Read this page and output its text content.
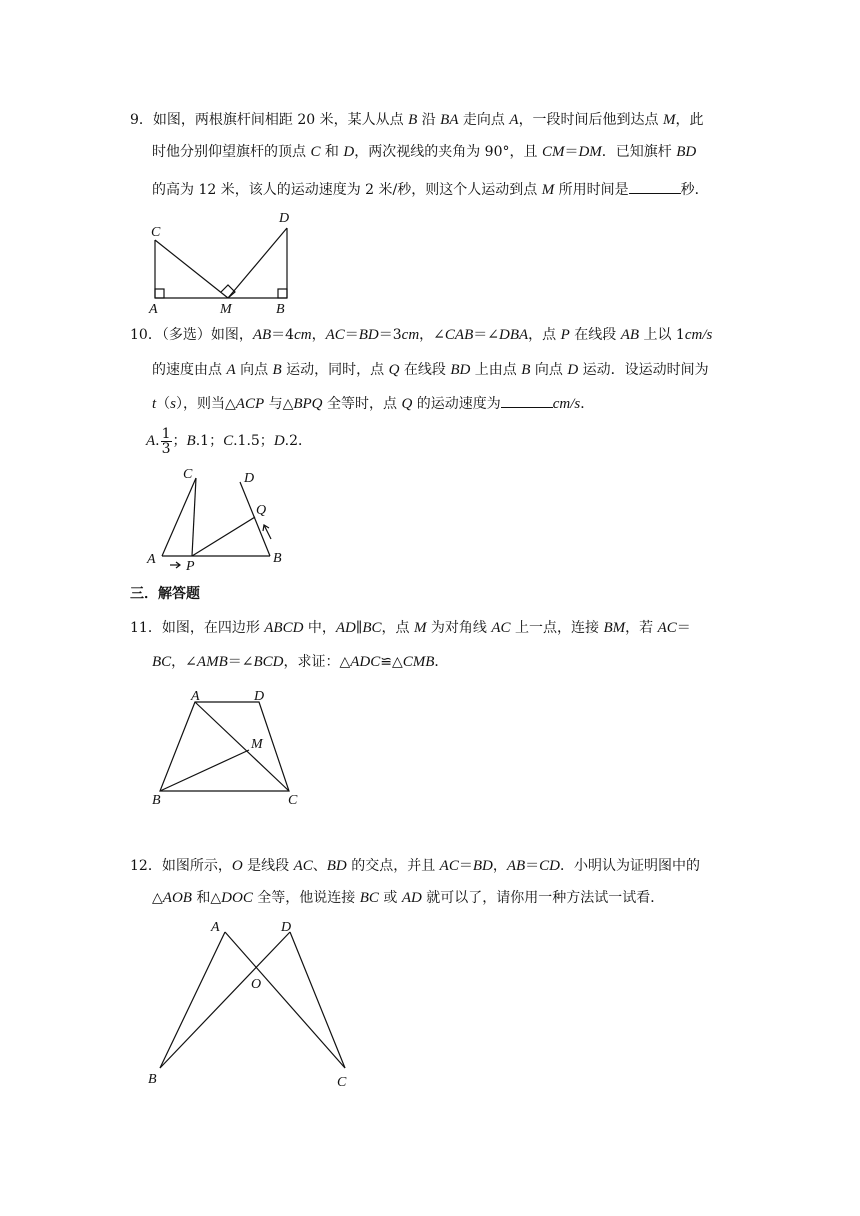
9．如图，两根旗杆间相距 20 米，某人从点 B 沿 BA 走向点 A，一段时间后他到达点 M，此
时他分别仰望旗杆的顶点 C 和 D，两次视线的夹角为 90°，且 CM＝DM．已知旗杆 BD
的高为 12 米，该人的运动速度为 2 米/秒，则这个人运动到点 M 所用时间是	秒．
C
D
A	M	B
10．（多选）如图，AB＝4cm，AC＝BD＝3cm，∠CAB＝∠DBA，点 P 在线段 AB 上以 1cm/s
的速度由点 A 向点 B 运动，同时，点 Q 在线段 BD 上由点 B 向点 D 运动．设运动时间为
t（s），则当△ACP 与△BPQ 全等时，点 Q 的运动速度为	cm/s．
A. $\frac{1}{3}$ ；B.1；C.1.5；D.2．
C	D
Q
A P
B
三．解答题
11．如图，在四边形 ABCD 中，AD∥BC，点 M 为对角线 AC 上一点，连接 BM，若 AC＝
BC，∠AMB＝∠BCD，求证：△ADC≌△CMB．
A	D
M
B	C
12．如图所示，O 是线段 AC、BD 的交点，并且 AC＝BD，AB＝CD．小明认为证明图中的
△AOB 和△DOC 全等，他说连接 BC 或 AD 就可以了，请你用一种方法试一试看．
A	D
O
B	C
